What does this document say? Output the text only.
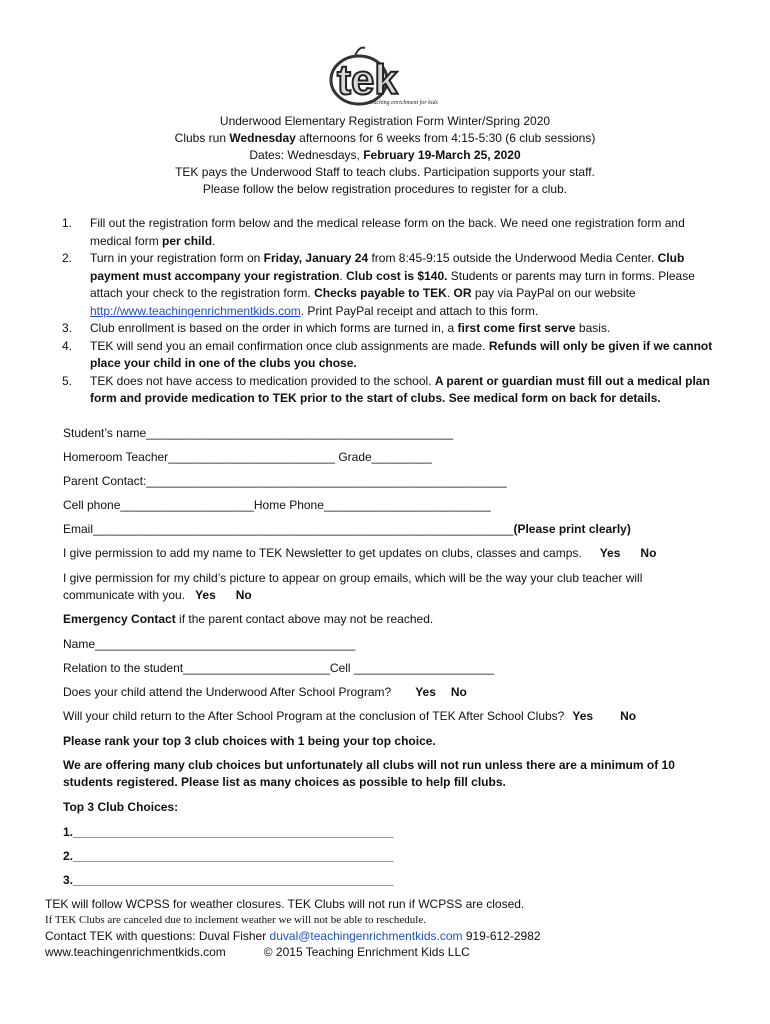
tek
teaching enrichment for kids
Underwood Elementary Registration Form Winter/Spring 2020
Clubs run Wednesday afternoons for 6 weeks from 4:15-5:30 (6 club sessions)
Dates: Wednesdays, February 19-March 25, 2020
TEK pays the Underwood Staff to teach clubs. Participation supports your staff.
Please follow the below registration procedures to register for a club.
1.	Fill out the registration form below and the medical release form on the back. We need one registration form and medical form per child.
2.	Turn in your registration form on Friday, January 24 from 8:45-9:15 outside the Underwood Media Center. Club payment must accompany your registration. Club cost is $140. Students or parents may turn in forms. Please attach your check to the registration form. Checks payable to TEK. OR pay via PayPal on our website http://www.teachingenrichmentkids.com. Print PayPal receipt and attach to this form.
3.	Club enrollment is based on the order in which forms are turned in, a first come first serve basis.
4.	TEK will send you an email confirmation once club assignments are made. Refunds will only be given if we cannot place your child in one of the clubs you chose.
5.	TEK does not have access to medication provided to the school. A parent or guardian must fill out a medical plan form and provide medication to TEK prior to the start of clubs. See medical form on back for details.
Student’s name______________________________________________
Homeroom Teacher_________________________ Grade_________
Parent Contact:______________________________________________________
Cell phone____________________Home Phone_________________________
Email_______________________________________________________________(Please print clearly)
I give permission to add my name to TEK Newsletter to get updates on clubs, classes and camps. Yes No
I give permission for my child’s picture to appear on group emails, which will be the way your club teacher will
communicate with you. Yes No
Emergency Contact if the parent contact above may not be reached.
Name_______________________________________
Relation to the student______________________Cell _____________________
Does your child attend the Underwood After School Program? Yes No
Will your child return to the After School Program at the conclusion of TEK After School Clubs? Yes No
Please rank your top 3 club choices with 1 being your top choice.
We are offering many club choices but unfortunately all clubs will not run unless there are a minimum of 10
students registered. Please list as many choices as possible to help fill clubs.
Top 3 Club Choices:
1.________________________________________________
2.________________________________________________
3.________________________________________________
TEK will follow WCPSS for weather closures. TEK Clubs will not run if WCPSS are closed.
If TEK Clubs are canceled due to inclement weather we will not be able to reschedule.
Contact TEK with questions: Duval Fisher duval@teachingenrichmentkids.com 919-612-2982
www.teachingenrichmentkids.com	© 2015 Teaching Enrichment Kids LLC
